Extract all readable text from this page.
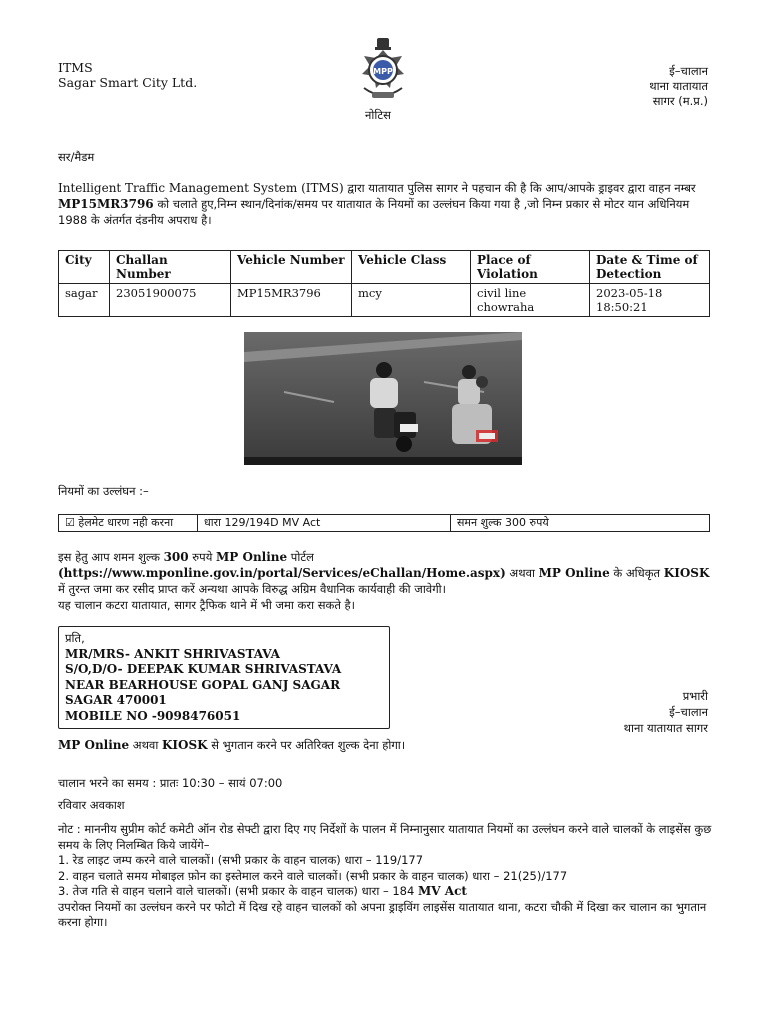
ITMS
Sagar Smart City Ltd.
MPP
नोटिस
ई–चालान
थाना यातायात
सागर (म.प्र.)
सर/मैडम
Intelligent Traffic Management System (ITMS) द्वारा यातायात पुलिस सागर ने पहचान की है कि आप/आपके ड्राइवर द्वारा वाहन नम्बर MP15MR3796 को चलाते हुए,निम्न स्थान/दिनांक/समय पर यातायात के नियमों का उल्लंघन किया गया है ,जो निम्न प्रकार से मोटर यान अधिनियम 1988 के अंतर्गत दंडनीय अपराध है।
City	Challan Number	Vehicle Number	Vehicle Class	Place of Violation	Date & Time of Detection
sagar	23051900075	MP15MR3796	mcy	civil line chowraha	2023-05-18
18:50:21
नियमों का उल्लंघन :–
☑ हेलमेट धारण नही करना	धारा 129/194D MV Act	समन शुल्क 300 रुपये
इस हेतु आप शमन शुल्क 300 रुपये MP Online पोर्टल (https://www.mponline.gov.in/portal/Services/eChallan/Home.aspx) अथवा MP Online के अधिकृत KIOSK में तुरन्त जमा कर रसीद प्राप्त करें अन्यथा आपके विरुद्ध अग्रिम वैधानिक कार्यवाही की जावेगी।
यह चालान कटरा यातायात, सागर ट्रैफिक थाने में भी जमा करा सकते है।
प्रति,
MR/MRS- ANKIT SHRIVASTAVA
S/O,D/O- DEEPAK KUMAR SHRIVASTAVA
NEAR BEARHOUSE GOPAL GANJ SAGAR
SAGAR 470001
MOBILE NO -9098476051
प्रभारी
ई–चालान
थाना यातायात सागर
MP Online अथवा KIOSK से भुगतान करने पर अतिरिक्त शुल्क देना होगा।
चालान भरने का समय : प्रातः 10:30 – सायं 07:00
रविवार अवकाश
नोट : माननीय सुप्रीम कोर्ट कमेटी ऑन रोड सेफ्टी द्वारा दिए गए निर्देशों के पालन में निम्नानुसार यातायात नियमों का उल्लंघन करने वाले चालकों के लाइसेंस कुछ समय के लिए निलम्बित किये जायेंगे–
1. रेड लाइट जम्प करने वाले चालकों। (सभी प्रकार के वाहन चालक) धारा – 119/177
2. वाहन चलाते समय मोबाइल फ़ोन का इस्तेमाल करने वाले चालकों। (सभी प्रकार के वाहन चालक) धारा – 21(25)/177
3. तेज गति से वाहन चलाने वाले चालकों। (सभी प्रकार के वाहन चालक) धारा – 184 MV Act
उपरोक्त नियमों का उल्लंघन करने पर फोटो में दिख रहे वाहन चालकों को अपना ड्राइविंग लाइसेंस यातायात थाना, कटरा चौकी में दिखा कर चालान का भुगतान करना होगा।
